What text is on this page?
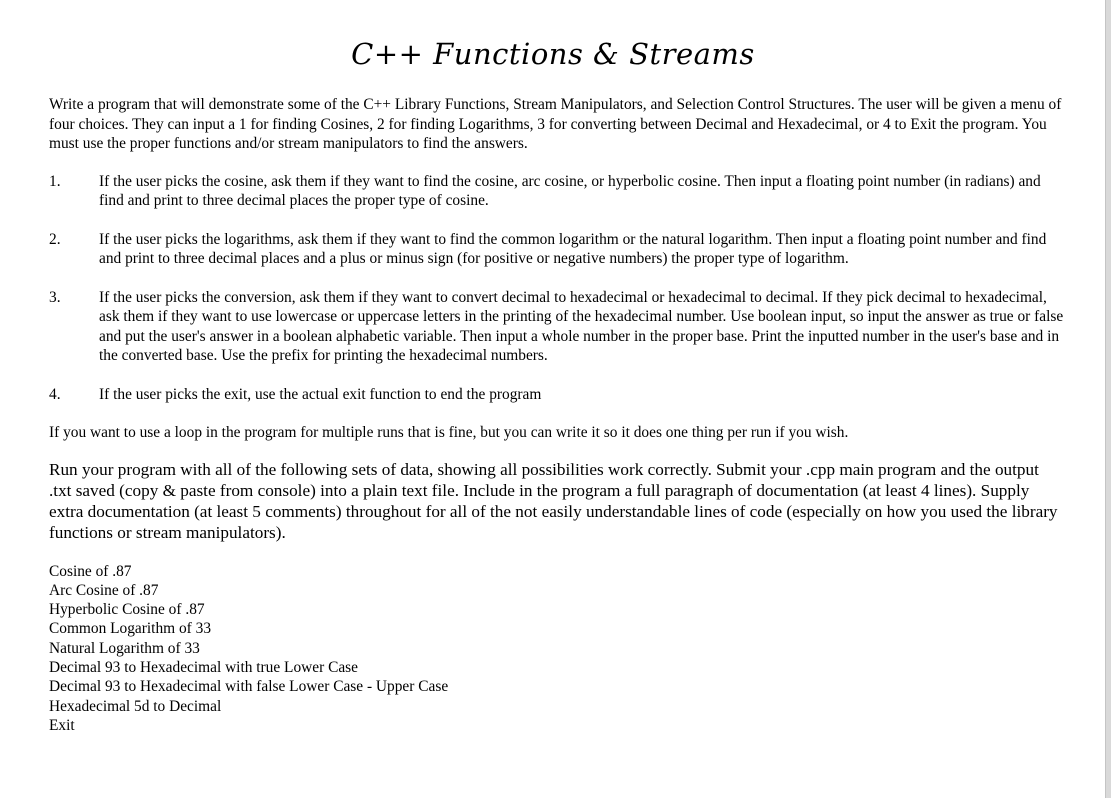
C++ Functions & Streams

Write a program that will demonstrate some of the C++ Library Functions, Stream Manipulators, and Selection Control Structures. The user will be given a menu of four choices. They can input a 1 for finding Cosines, 2 for finding Logarithms, 3 for converting between Decimal and Hexadecimal, or 4 to Exit the program. You must use the proper functions and/or stream manipulators to find the answers.

1. If the user picks the cosine, ask them if they want to find the cosine, arc cosine, or hyperbolic cosine. Then input a floating point number (in radians) and find and print to three decimal places the proper type of cosine.
2. If the user picks the logarithms, ask them if they want to find the common logarithm or the natural logarithm. Then input a floating point number and find and print to three decimal places and a plus or minus sign (for positive or negative numbers) the proper type of logarithm.
3. If the user picks the conversion, ask them if they want to convert decimal to hexadecimal or hexadecimal to decimal. If they pick decimal to hexadecimal, ask them if they want to use lowercase or uppercase letters in the printing of the hexadecimal number. Use boolean input, so input the answer as true or false and put the user's answer in a boolean alphabetic variable. Then input a whole number in the proper base. Print the inputted number in the user's base and in the converted base. Use the prefix for printing the hexadecimal numbers.
4. If the user picks the exit, use the actual exit function to end the program

If you want to use a loop in the program for multiple runs that is fine, but you can write it so it does one thing per run if you wish.

Run your program with all of the following sets of data, showing all possibilities work correctly. Submit your .cpp main program and the output .txt saved (copy & paste from console) into a plain text file. Include in the program a full paragraph of documentation (at least 4 lines). Supply extra documentation (at least 5 comments) throughout for all of the not easily understandable lines of code (especially on how you used the library functions or stream manipulators).

Cosine of .87
Arc Cosine of .87
Hyperbolic Cosine of .87
Common Logarithm of 33
Natural Logarithm of 33
Decimal 93 to Hexadecimal with true Lower Case
Decimal 93 to Hexadecimal with false Lower Case - Upper Case
Hexadecimal 5d to Decimal
Exit
